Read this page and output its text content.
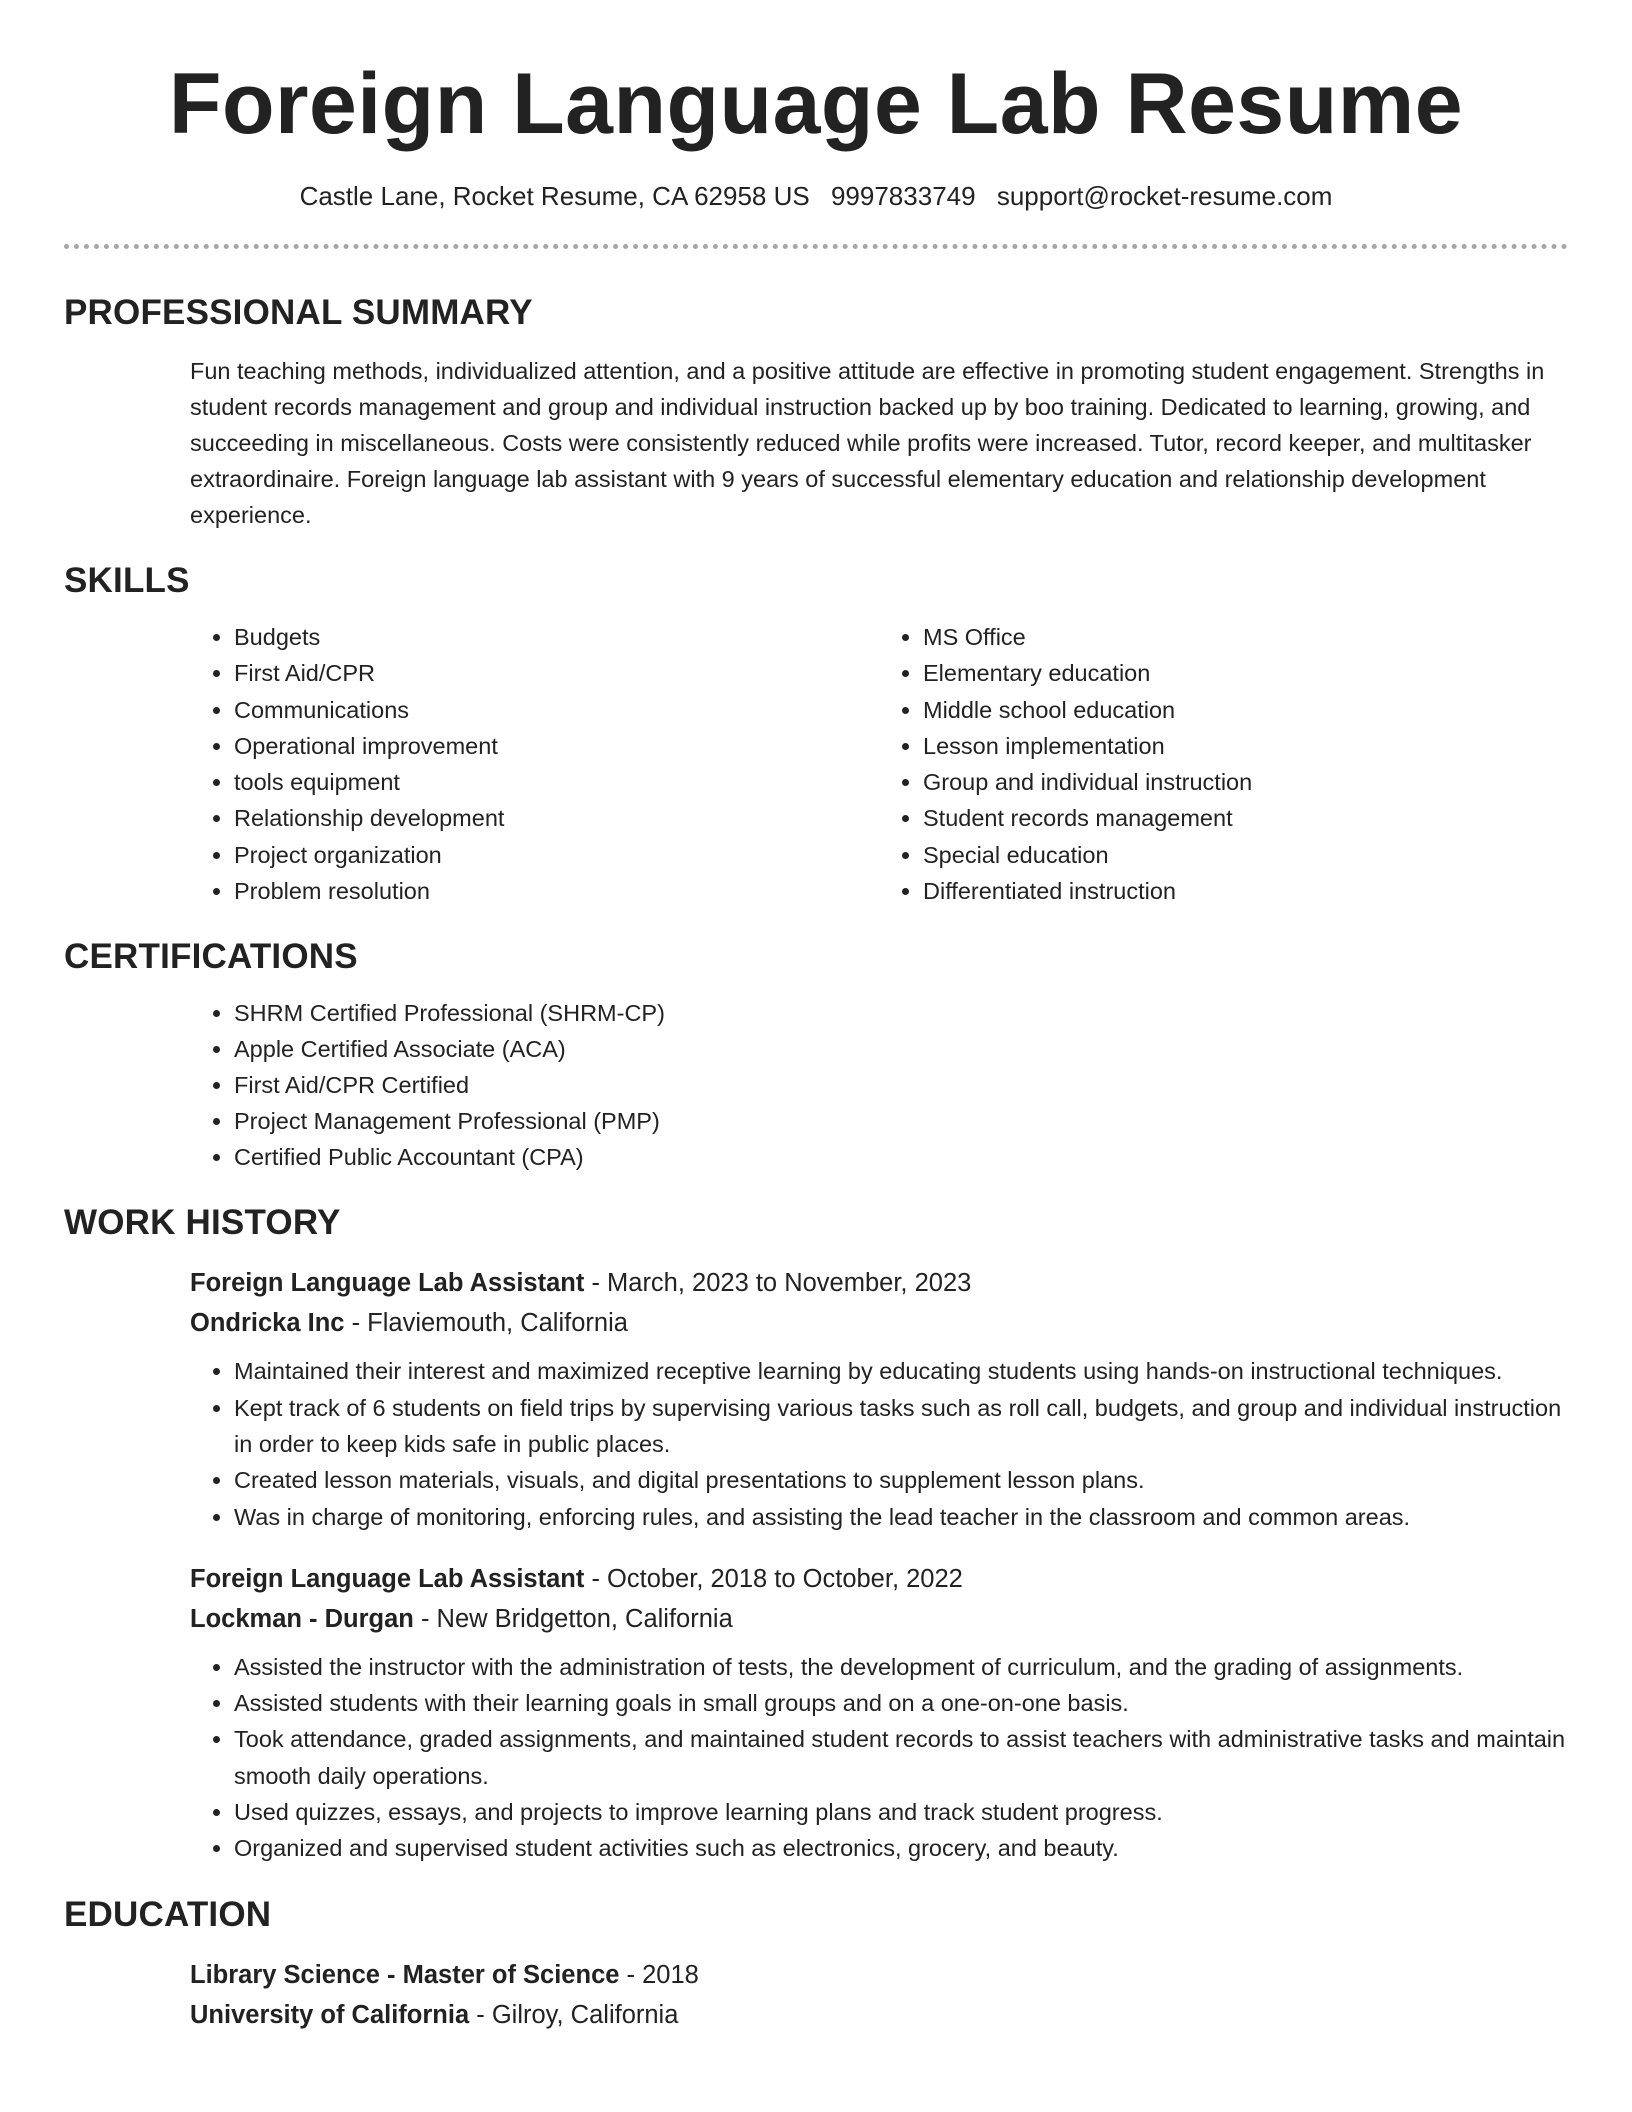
Foreign Language Lab Resume
Castle Lane, Rocket Resume, CA 62958 US 9997833749 support@rocket-resume.com
PROFESSIONAL SUMMARY

Fun teaching methods, individualized attention, and a positive attitude are effective in promoting student engagement. Strengths in student records management and group and individual instruction backed up by boo training. Dedicated to learning, growing, and succeeding in miscellaneous. Costs were consistently reduced while profits were increased. Tutor, record keeper, and multitasker extraordinaire. Foreign language lab assistant with 9 years of successful elementary education and relationship development experience.

SKILLS
• Budgets
• First Aid/CPR
• Communications
• Operational improvement
• tools equipment
• Relationship development
• Project organization
• Problem resolution
• MS Office
• Elementary education
• Middle school education
• Lesson implementation
• Group and individual instruction
• Student records management
• Special education
• Differentiated instruction
CERTIFICATIONS
• SHRM Certified Professional (SHRM-CP)
• Apple Certified Associate (ACA)
• First Aid/CPR Certified
• Project Management Professional (PMP)
• Certified Public Accountant (CPA)
WORK HISTORY
Foreign Language Lab Assistant - March, 2023 to November, 2023
Ondricka Inc - Flaviemouth, California
• Maintained their interest and maximized receptive learning by educating students using hands-on instructional techniques.
• Kept track of 6 students on field trips by supervising various tasks such as roll call, budgets, and group and individual instruction in order to keep kids safe in public places.
• Created lesson materials, visuals, and digital presentations to supplement lesson plans.
• Was in charge of monitoring, enforcing rules, and assisting the lead teacher in the classroom and common areas.
Foreign Language Lab Assistant - October, 2018 to October, 2022
Lockman - Durgan - New Bridgetton, California
• Assisted the instructor with the administration of tests, the development of curriculum, and the grading of assignments.
• Assisted students with their learning goals in small groups and on a one-on-one basis.
• Took attendance, graded assignments, and maintained student records to assist teachers with administrative tasks and maintain smooth daily operations.
• Used quizzes, essays, and projects to improve learning plans and track student progress.
• Organized and supervised student activities such as electronics, grocery, and beauty.
EDUCATION
Library Science - Master of Science - 2018
University of California - Gilroy, California
